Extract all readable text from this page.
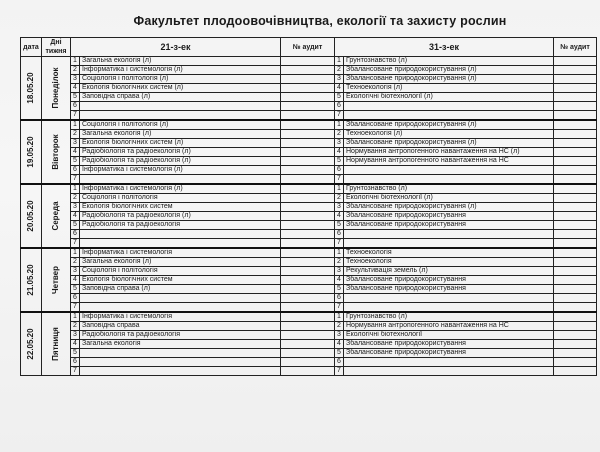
Факультет плодоовочівництва, екології та захисту рослин
дата	Дні тижня	21-з-ек		№ аудит	31-з-ек		№ аудит

18.05.20	Понеділок	1	Загальна екологія (л)		1	Грунтознавство (л)	
		2	Інформатика і системологія (л)		2	Збалансоване природокористування (л)	
		3	Соціологія і політологія (л)		3	Збалансоване природокористування (л)	
		4	Екологія біологічних систем (л)		4	Техноекологія (л)	
		5	Заповідна справа (л)		5	Екологічні біотехнології (л)	
		6			6		
		7			7		

19.05.20	Вівторок	1	Соціологія і політологія (л)		1	Збалансоване природокористування (л)	
		2	Загальна екологія (л)		2	Техноекологія (л)	
		3	Екологія біологічних систем (л)		3	Збалансоване природокористування (л)	
		4	Радіобіологія та радіоекологія (л)		4	Нормування антропогенного навантаження на НС (л)	
		5	Радіобіологія та радіоекологія (л)		5	Нормування антропогенного навантаження на НС	
		6	Інформатика і системологія (л)		6		
		7			7		

20.05.20	Середа	1	Інформатика і системологія (л)		1	Грунтознавство (л)	
		2	Соціологія і політологія		2	Екологічні біотехнології (л)	
		3	Екологія біологічних систем		3	Збалансоване природокористування (л)	
		4	Радіобіологія та радіоекологія (л)		4	Збалансоване природокористування	
		5	Радіобіологія та радіоекологія		5	Збалансоване природокористування	
		6			6		
		7			7		

21.05.20	Четвер	1	Інформатика і системологія		1	Техноекологія	
		2	Загальна екологія (л)		2	Техноекологія	
		3	Соціологія і політологія		3	Рекультивація земель (л)	
		4	Екологія біологічних систем		4	Збалансоване природокористування	
		5	Заповідна справа (л)		5	Збалансоване природокористування	
		6			6		
		7			7		

22.05.20	Пятниця	1	Інформатика і системологія		1	Грунтознавство (л)	
		2	Заповідна справа		2	Нормування антропогенного навантаження на НС	
		3	Радіобіологія та радіоекологія		3	Екологічні біотехнології	
		4	Загальна екологія		4	Збалансоване природокористування	
		5			5	Збалансоване природокористування	
		6			6		
		7			7		
